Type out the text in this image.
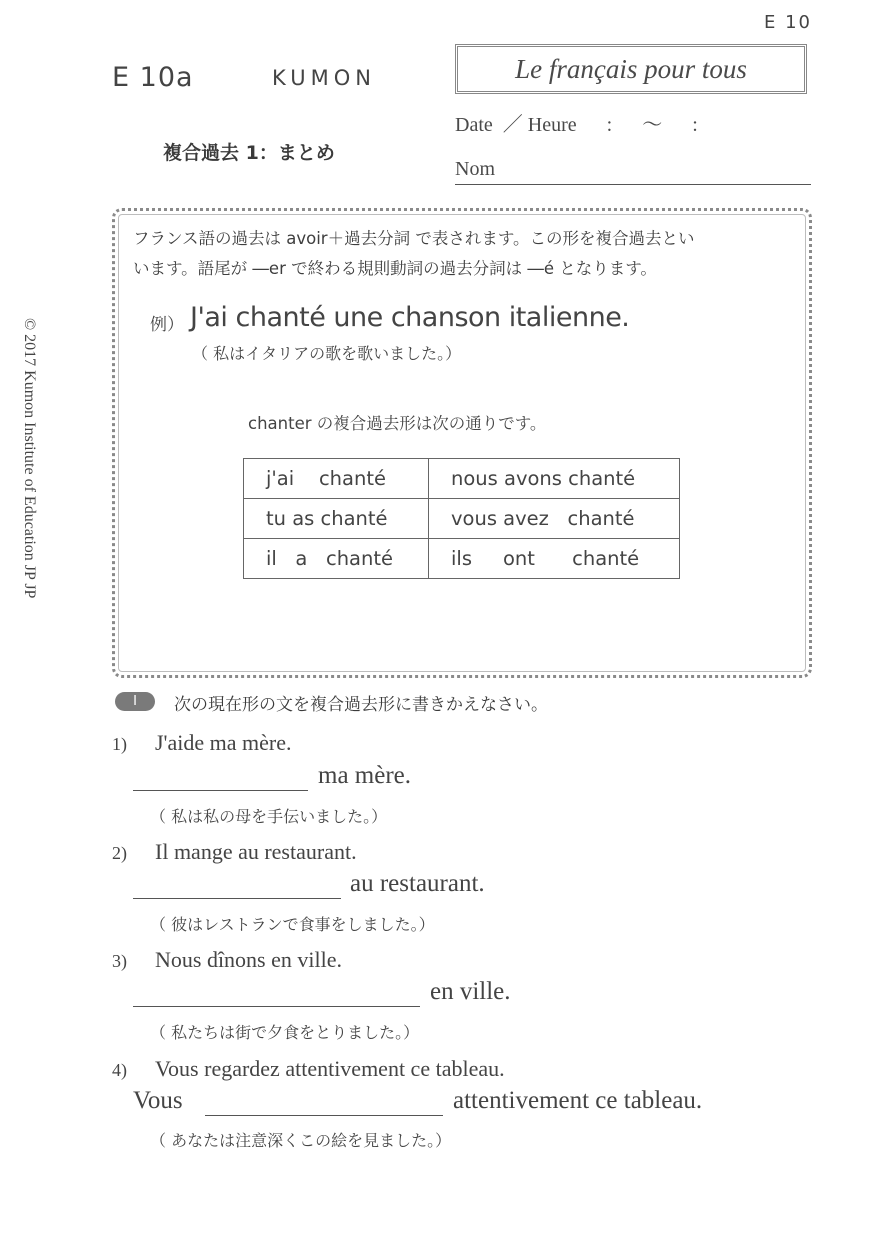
E 10
E 10a	KUMON	Le français pour tous
Date ／ Heure : ～ :
Nom
複合過去 1：まとめ
© 2017 Kumon Institute of Education JP JP
フランス語の過去は avoir＋過去分詞 で表されます。この形を複合過去とい
います。語尾が ―er で終わる規則動詞の過去分詞は ―é となります。
例） J'ai chanté une chanson italienne.
（ 私はイタリアの歌を歌いました。）
chanter の複合過去形は次の通りです。
j'ai    chanté	nous avons chanté
tu as chanté	vous avez   chanté
il   a   chanté	ils     ont      chanté
I	次の現在形の文を複合過去形に書きかえなさい。
1) J'aide ma mère.
ma mère.
（ 私は私の母を手伝いました。）
2) Il mange au restaurant.
au restaurant.
（ 彼はレストランで食事をしました。）
3) Nous dînons en ville.
en ville.
（ 私たちは街で夕食をとりました。）
4) Vous regardez attentivement ce tableau.
Vous	attentivement ce tableau.
（ あなたは注意深くこの絵を見ました。）
